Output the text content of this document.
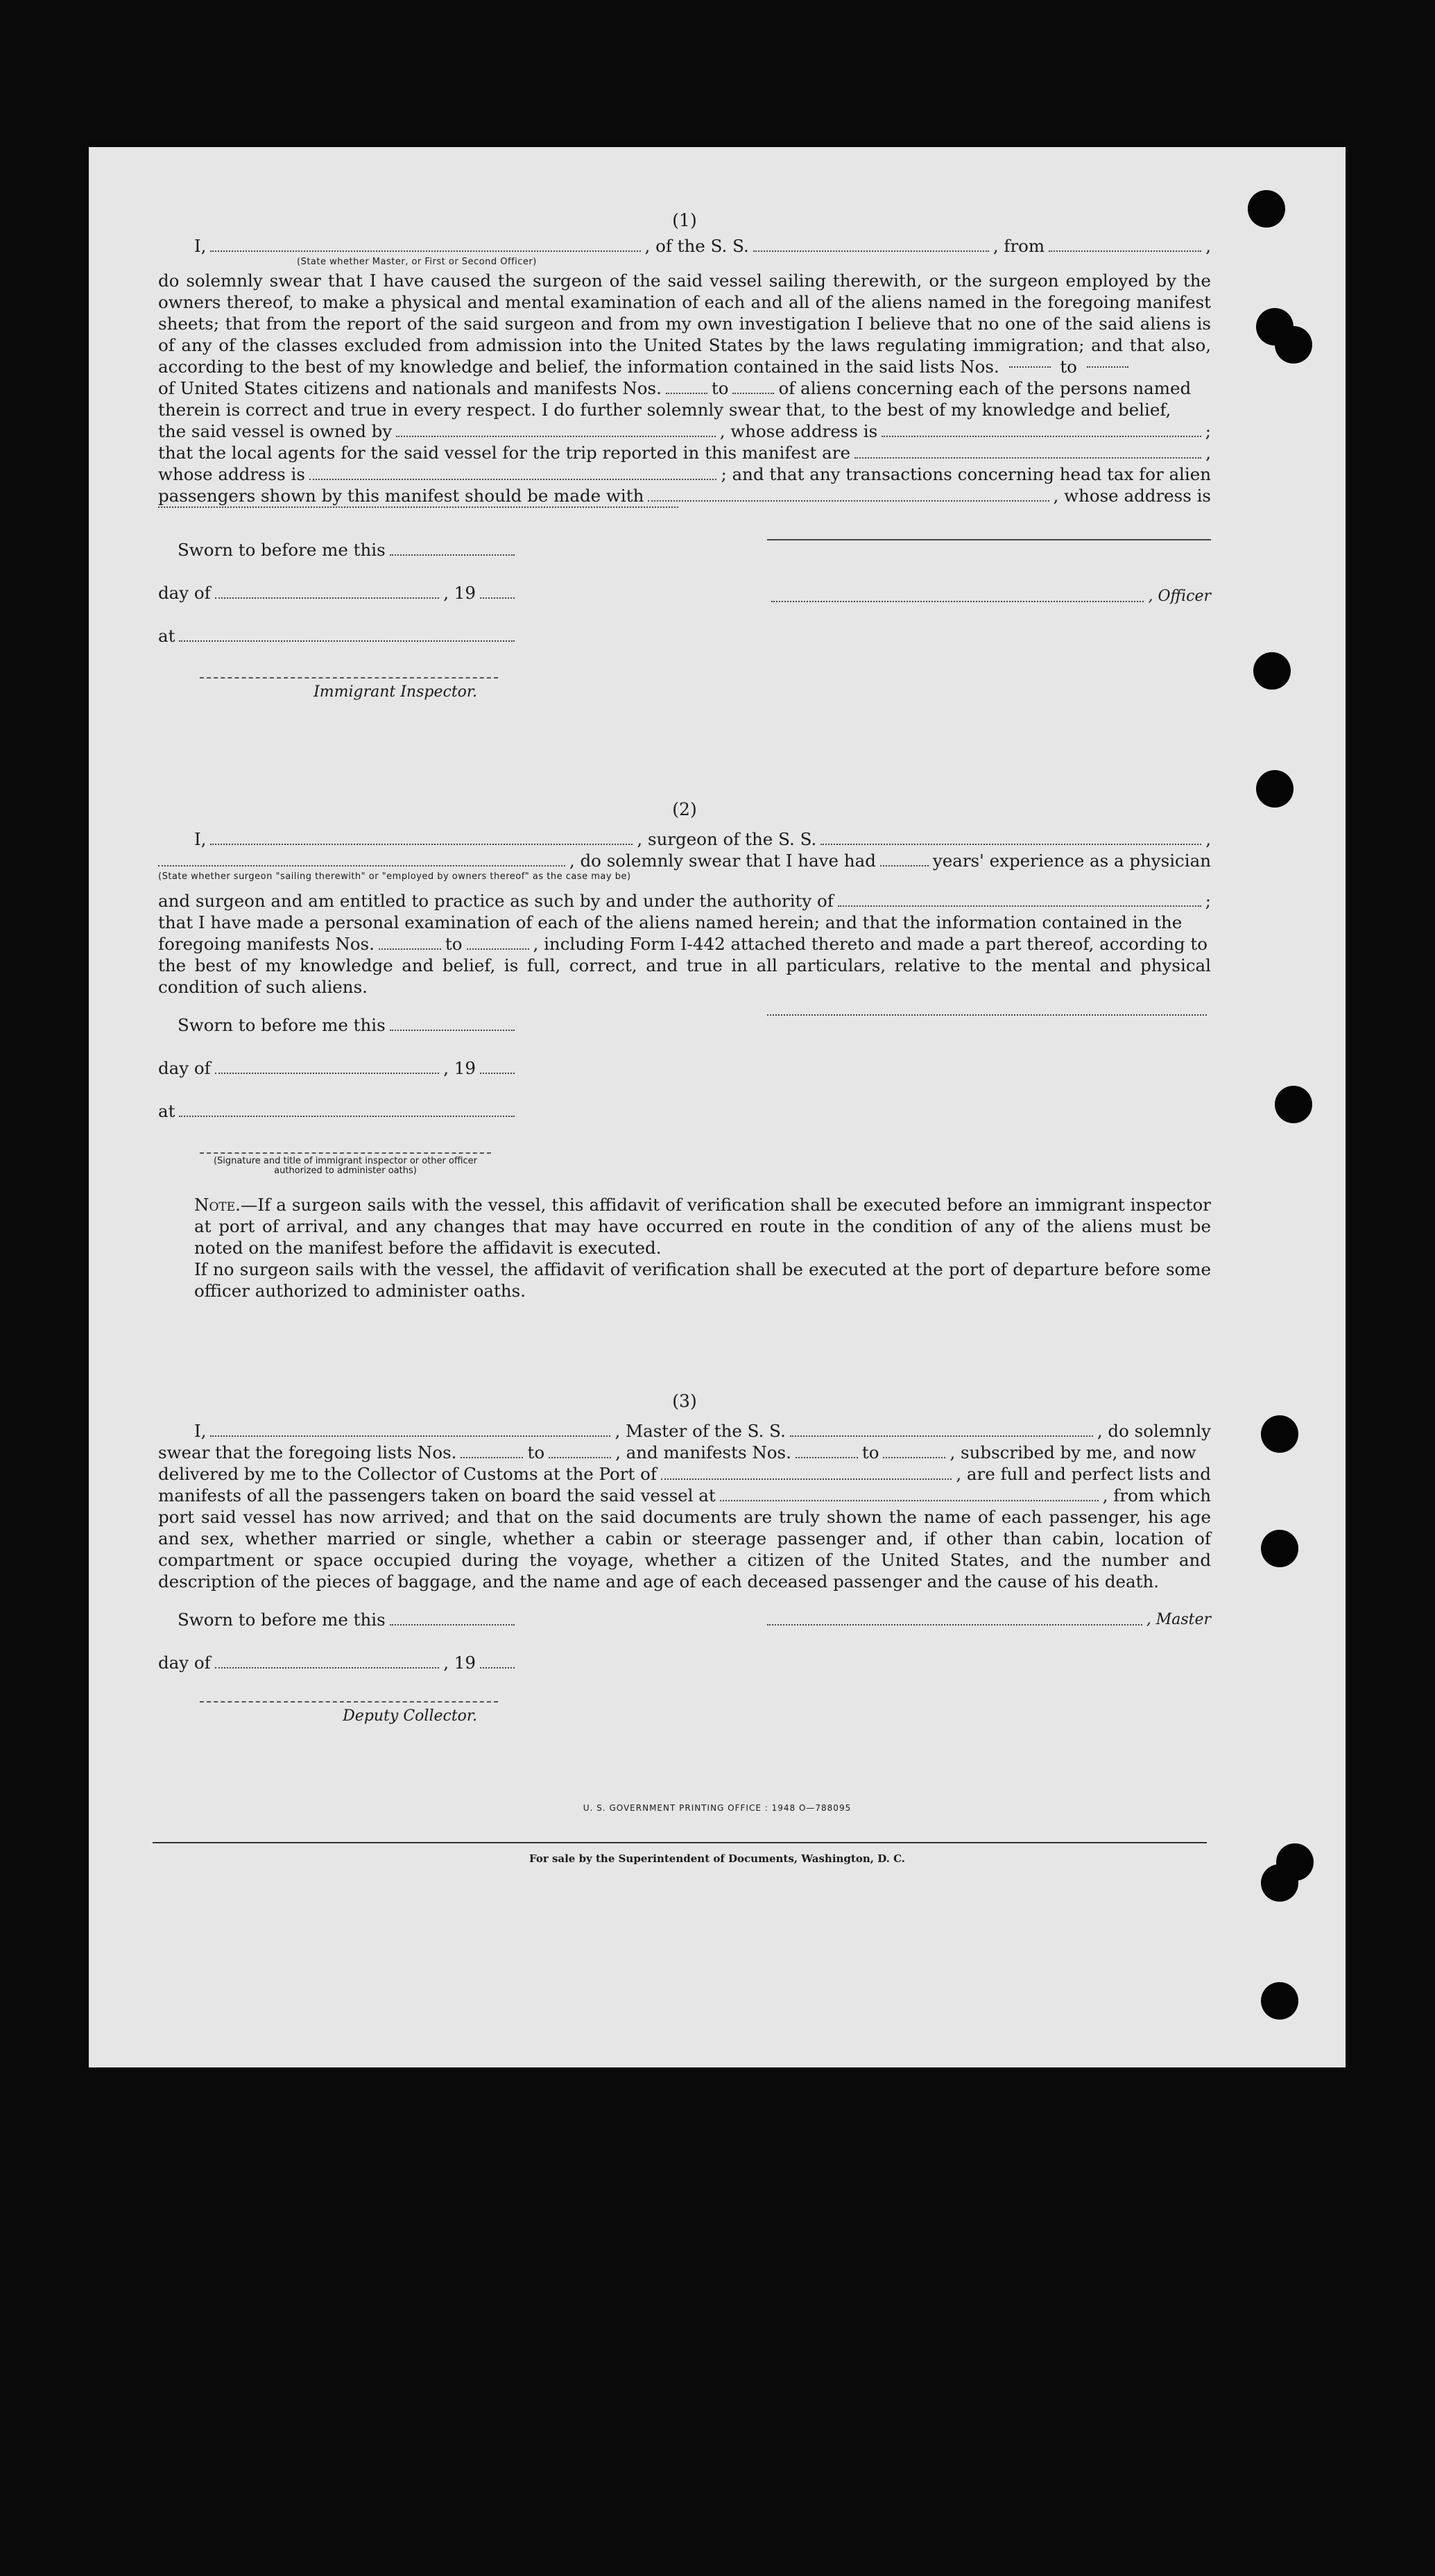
(1)
I,	, of the S. S.	, from	,
(State whether Master, or First or Second Officer)
do solemnly swear that I have caused the surgeon of the said vessel sailing therewith, or the surgeon employed by the owners thereof, to make a physical and mental examination of each and all of the aliens named in the foregoing manifest sheets; that from the report of the said surgeon and from my own investigation I believe that no one of the said aliens is of any of the classes excluded from admission into the United States by the laws regulating immigration; and that also, according to the best of my knowledge and belief, the information contained in the said lists Nos.	to
of United States citizens and nationals and manifests Nos.	to	of aliens concerning each of the persons named
therein is correct and true in every respect. I do further solemnly swear that, to the best of my knowledge and belief,
the said vessel is owned by	, whose address is	;
that the local agents for the said vessel for the trip reported in this manifest are	,
whose address is	; and that any transactions concerning head tax for alien
passengers shown by this manifest should be made with	, whose address is
Sworn to before me this
day of	, 19
at
Immigrant Inspector.
, Officer
(2)
I,	, surgeon of the S. S.	,
, do solemnly swear that I have had	years' experience as a physician
(State whether surgeon "sailing therewith" or "employed by owners thereof" as the case may be)
and surgeon and am entitled to practice as such by and under the authority of	;
that I have made a personal examination of each of the aliens named herein; and that the information contained in the
foregoing manifests Nos.	to	, including Form I-442 attached thereto and made a part thereof, according to
the best of my knowledge and belief, is full, correct, and true in all particulars, relative to the mental and physical condition of such aliens.
Sworn to before me this
day of	, 19
at
(Signature and title of immigrant inspector or other officer authorized to administer oaths)
Note.—If a surgeon sails with the vessel, this affidavit of verification shall be executed before an immigrant inspector at port of arrival, and any changes that may have occurred en route in the condition of any of the aliens must be noted on the manifest before the affidavit is executed.
If no surgeon sails with the vessel, the affidavit of verification shall be executed at the port of departure before some officer authorized to administer oaths.
(3)
I,	, Master of the S. S.	, do solemnly
swear that the foregoing lists Nos.	to	, and manifests Nos.	to	, subscribed by me, and now
delivered by me to the Collector of Customs at the Port of	, are full and perfect lists and
manifests of all the passengers taken on board the said vessel at	, from which
port said vessel has now arrived; and that on the said documents are truly shown the name of each passenger, his age and sex, whether married or single, whether a cabin or steerage passenger and, if other than cabin, location of compartment or space occupied during the voyage, whether a citizen of the United States, and the number and description of the pieces of baggage, and the name and age of each deceased passenger and the cause of his death.
Sworn to before me this
day of	, 19
Deputy Collector.
, Master
U. S. GOVERNMENT PRINTING OFFICE : 1948 O—788095
For sale by the Superintendent of Documents, Washington, D. C.
